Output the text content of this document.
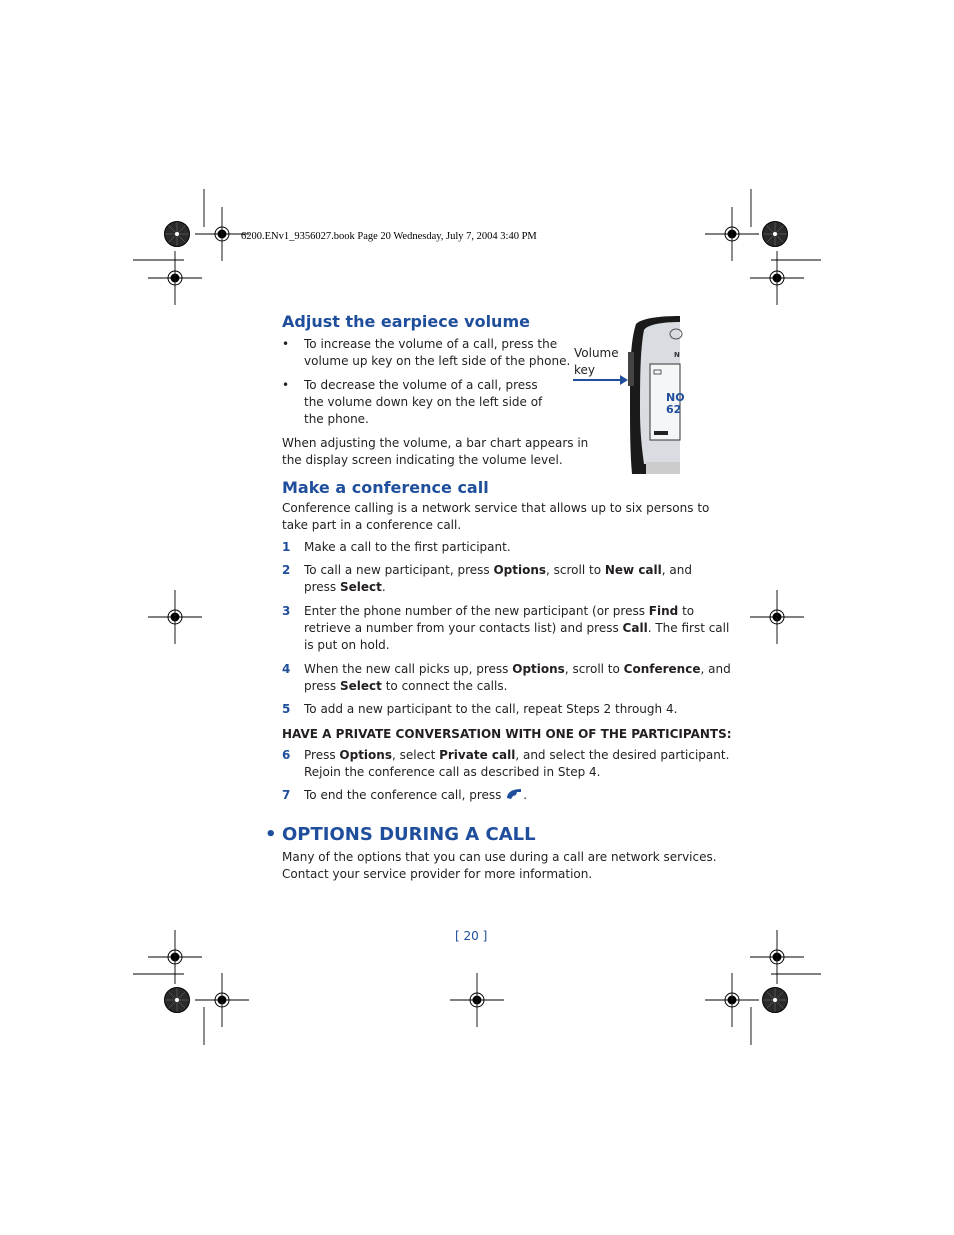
6200.ENv1_9356027.book Page 20 Wednesday, July 7, 2004 3:40 PM
Adjust the earpiece volume
• To increase the volume of a call, press the
volume up key on the left side of the phone.
• To decrease the volume of a call, press
the volume down key on the left side of
the phone.
When adjusting the volume, a bar chart appears in
the display screen indicating the volume level.
Volume
key
NO
62
N
Make a conference call
Conference calling is a network service that allows up to six persons to
take part in a conference call.
1 Make a call to the first participant.
2 To call a new participant, press Options, scroll to New call, and
press Select.
3 Enter the phone number of the new participant (or press Find to
retrieve a number from your contacts list) and press Call. The first call
is put on hold.
4 When the new call picks up, press Options, scroll to Conference, and
press Select to connect the calls.
5 To add a new participant to the call, repeat Steps 2 through 4.
HAVE A PRIVATE CONVERSATION WITH ONE OF THE PARTICIPANTS:
6 Press Options, select Private call, and select the desired participant.
Rejoin the conference call as described in Step 4.
7 To end the conference call, press .
• OPTIONS DURING A CALL
Many of the options that you can use during a call are network services.
Contact your service provider for more information.
[ 20 ]
